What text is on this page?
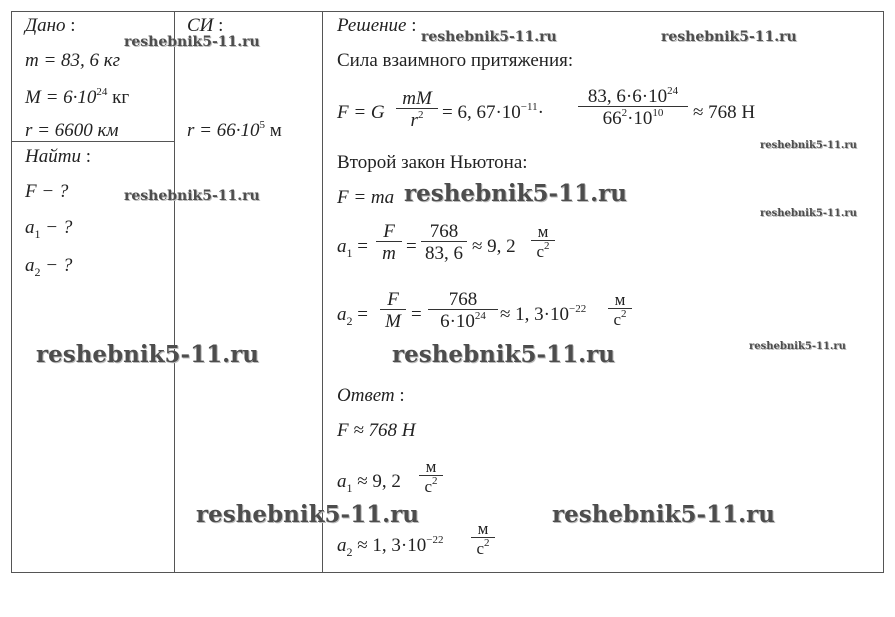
Дано :	СИ :	Решение :
m = 83, 6 кг
$M = 6\cdot 10^{24}$ кг
r = 6600 км	$r = 66\cdot 10^5$ м
Найти :
F − ?
$a_1$ − ?
$a_2$ − ?
Сила взаимного притяжения:
F = G $\frac{mM}{r^2} = 6$, $67\cdot 10^{-11}\cdot \frac{83, 6\cdot 6\cdot 10^{24}}{66^2\cdot 10^{10}} \approx 768$ Н
Второй закон Ньютона:
F = ma
$a_1 = \frac{F}{m} = \frac{768}{83, 6} \approx 9$, 2
м
$с^2$
$a_2 = \frac{F}{M} = \frac{768}{6\cdot 10^{24}} \approx 1$, $3\cdot 10^{-22}$	м
$с^2$
Ответ :
F ≈ 768 Н
$a_1 \approx 9$, 2
м
$с^2$
$a_2 \approx 1$, $3\cdot 10^{-22}$
м
$с^2$
reshebnik5-11.ru	reshebnik5-11.ru	reshebnik5-11.ru
reshebnik5-11.ru
reshebnik5-11.ru	reshebnik5-11.ru
reshebnik5-11.ru
reshebnik5-11.ru	reshebnik5-11.ru	reshebnik5-11.ru
reshebnik5-11.ru	reshebnik5-11.ru
